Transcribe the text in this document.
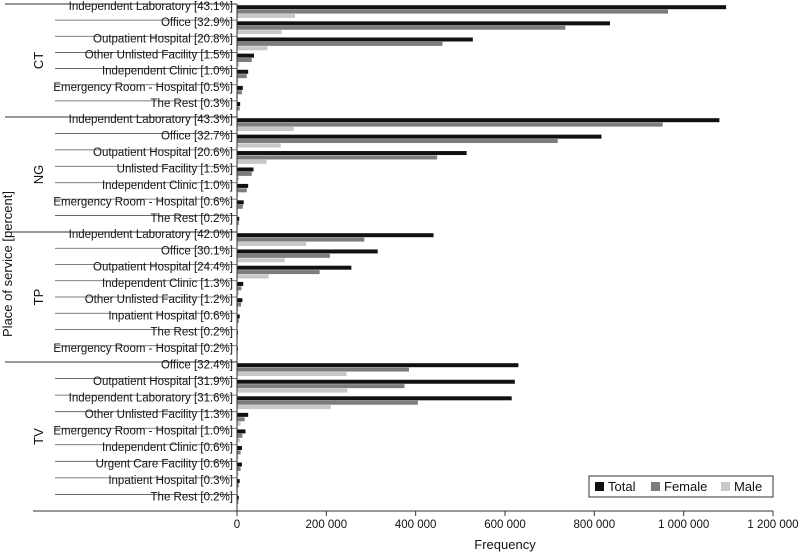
Independent Laboratory [43.1%]
Office [32.9%]
Outpatient Hospital [20.8%]
Other Unlisted Facility [1.5%]
Independent Clinic [1.0%]
Emergency Room - Hospital [0.5%]
The Rest [0.3%]
Independent Laboratory [43.3%]
Office [32.7%]
Outpatient Hospital [20.6%]
Unlisted Facility [1.5%]
Independent Clinic [1.0%]
Emergency Room - Hospital [0.6%]
The Rest [0.2%]
Independent Laboratory [42.0%]
Office [30.1%]
Outpatient Hospital [24.4%]
Independent Clinic [1.3%]
Other Unlisted Facility [1.2%]
Inpatient Hospital [0.6%]
The Rest [0.2%]
Emergency Room - Hospital [0.2%]
Office [32.4%]
Outpatient Hospital [31.9%]
Independent Laboratory [31.6%]
Other Unlisted Facility [1.3%]
Emergency Room - Hospital [1.0%]
Independent Clinic [0.6%]
Urgent Care Facility [0.6%]
Inpatient Hospital [0.3%]
The Rest [0.2%]
CT
NG
TP
TV
0	200 000	400 000	600 000	800 000	1 000 000	1 200 000
Frequency
Place of service [percent]
Total Female Male
